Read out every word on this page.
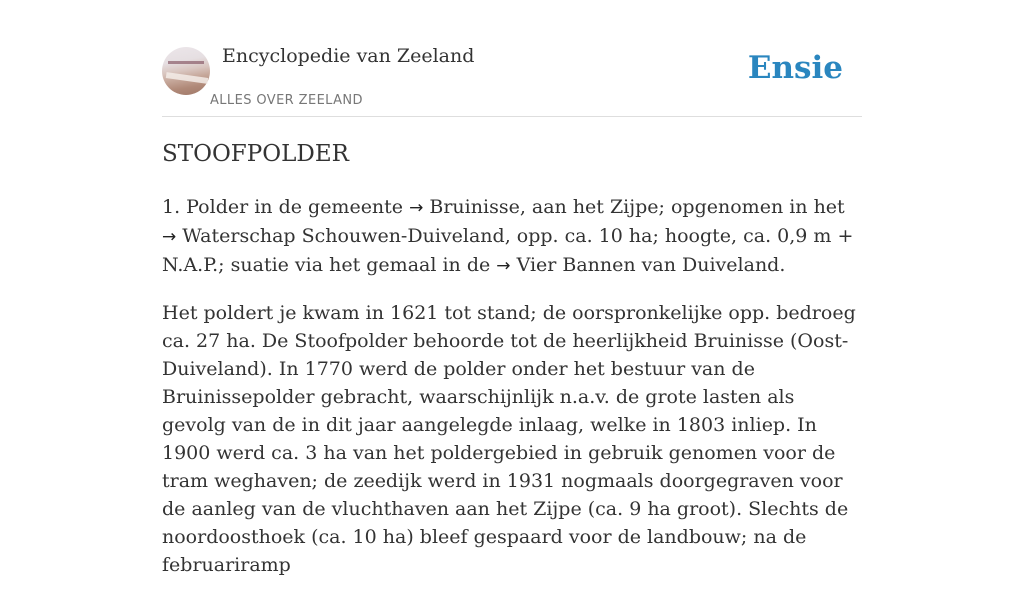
Encyclopedie van Zeeland
ALLES OVER ZEELAND
Ensie
STOOFPOLDER

1. Polder in de gemeente → Bruinisse, aan het Zijpe; opgenomen in het → Waterschap Schouwen-Duiveland, opp. ca. 10 ha; hoogte, ca. 0,9 m + N.A.P.; suatie via het gemaal in de → Vier Bannen van Duiveland.

Het poldert je kwam in 1621 tot stand; de oorspronkelijke opp. bedroeg ca. 27 ha. De Stoofpolder behoorde tot de heerlijkheid Bruinisse (Oost-Duiveland). In 1770 werd de polder onder het bestuur van de Bruinissepolder gebracht, waarschijnlijk n.a.v. de grote lasten als gevolg van de in dit jaar aangelegde inlaag, welke in 1803 inliep. In 1900 werd ca. 3 ha van het poldergebied in gebruik genomen voor de tram weghaven; de zeedijk werd in 1931 nogmaals doorgegraven voor de aanleg van de vluchthaven aan het Zijpe (ca. 9 ha groot). Slechts de noordoosthoek (ca. 10 ha) bleef gespaard voor de landbouw; na de februariramp
